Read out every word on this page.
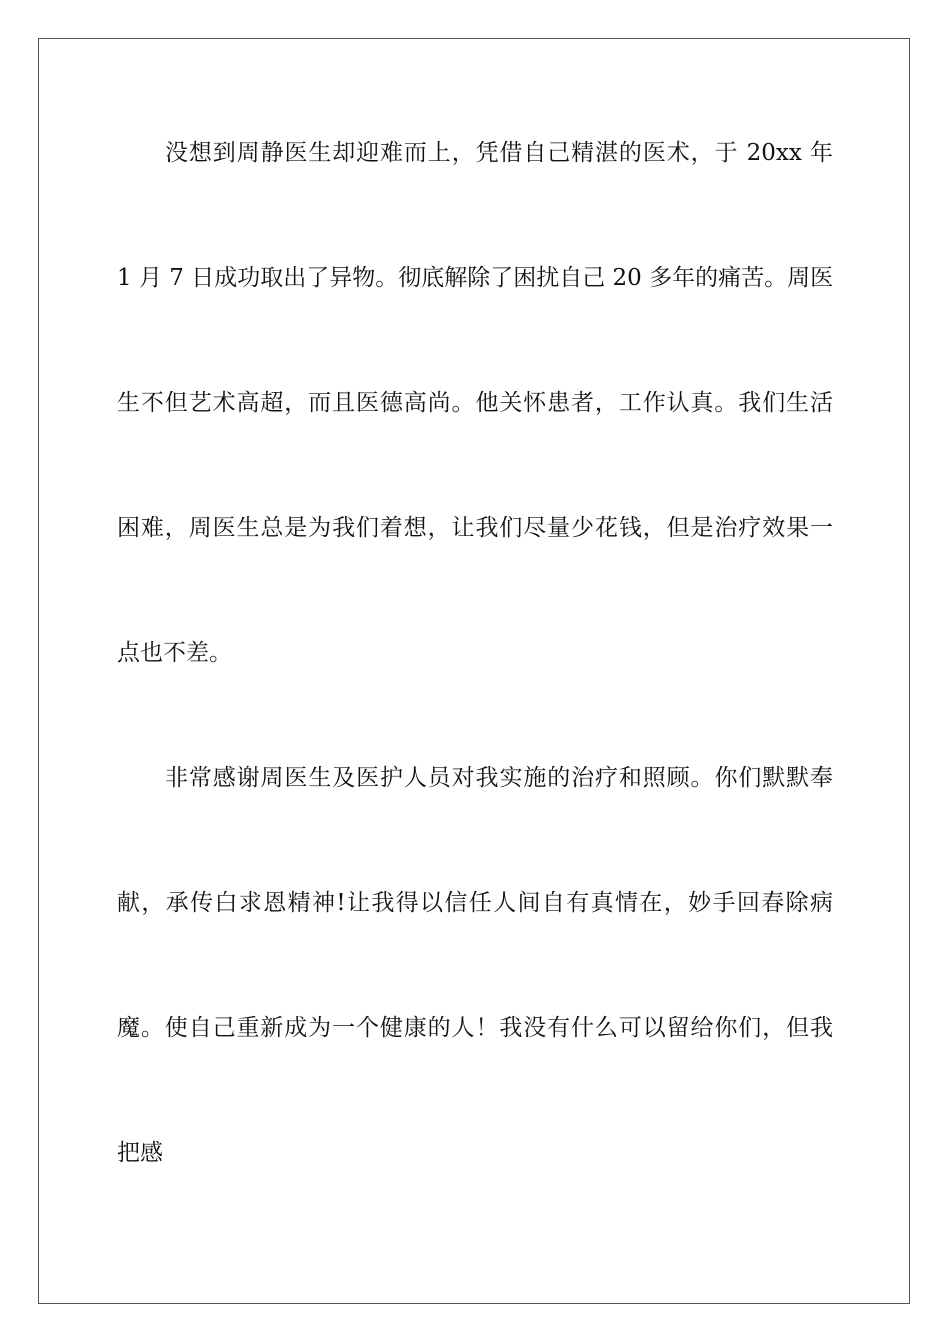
没想到周静医生却迎难而上，凭借自己精湛的医术，于 20xx 年
1 月 7 日成功取出了异物。彻底解除了困扰自己 20 多年的痛苦。周医
生不但艺术高超，而且医德高尚。他关怀患者，工作认真。我们生活
困难，周医生总是为我们着想，让我们尽量少花钱，但是治疗效果一
点也不差。
非常感谢周医生及医护人员对我实施的治疗和照顾。你们默默奉
献，承传白求恩精神!让我得以信任人间自有真情在，妙手回春除病
魔。使自己重新成为一个健康的人！我没有什么可以留给你们，但我
把感
